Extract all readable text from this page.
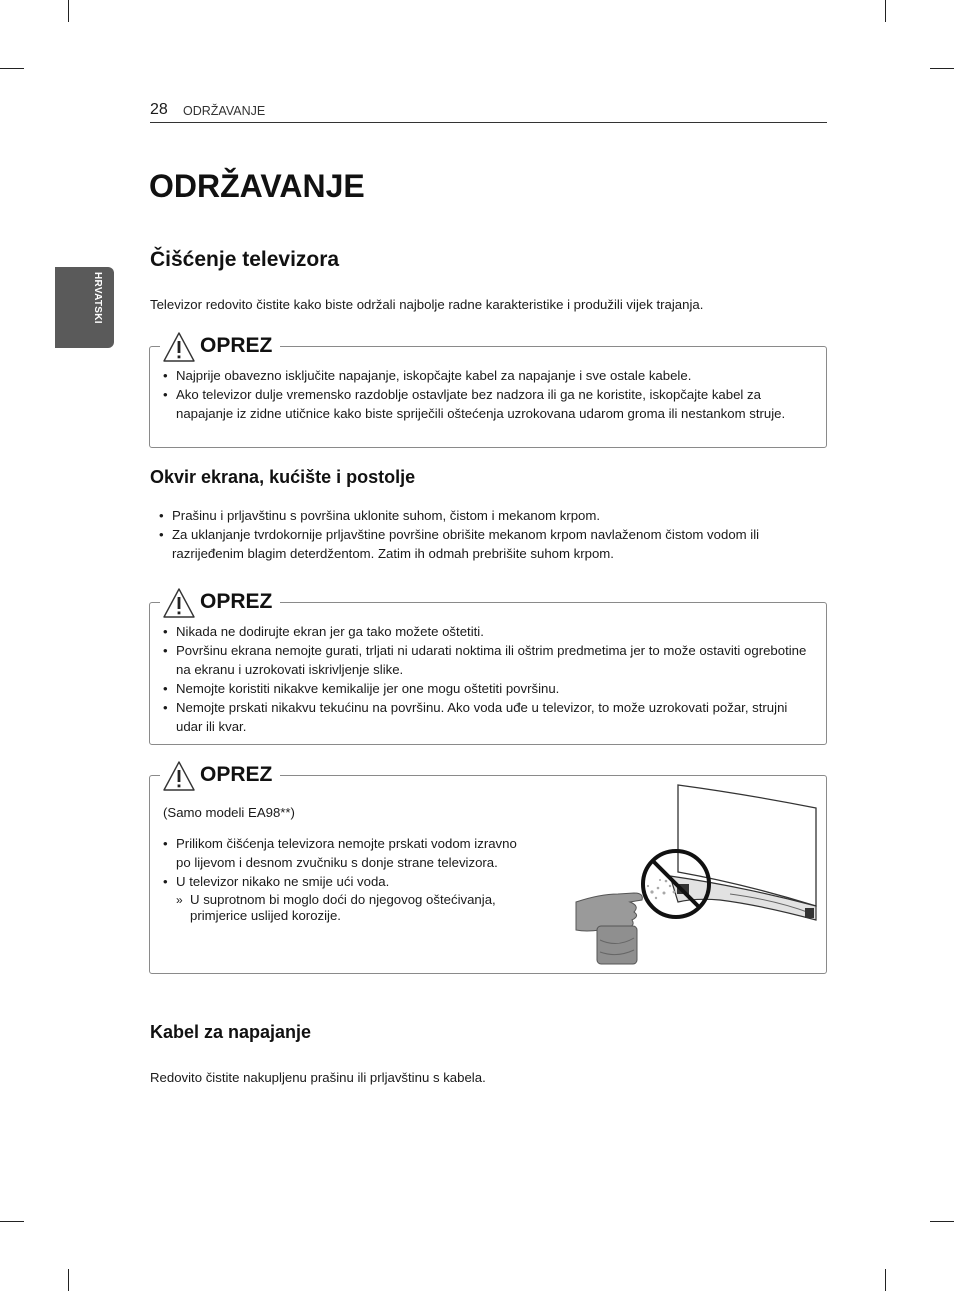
28 ODRŽAVANJE
HRVATSKI
ODRŽAVANJE
Čišćenje televizora

Televizor redovito čistite kako biste održali najbolje radne karakteristike i produžili vijek trajanja.

OPREZ
• Najprije obavezno isključite napajanje, iskopčajte kabel za napajanje i sve ostale kabele.
• Ako televizor dulje vremensko razdoblje ostavljate bez nadzora ili ga ne koristite, iskopčajte kabel za napajanje iz zidne utičnice kako biste spriječili oštećenja uzrokovana udarom groma ili nestankom struje.
Okvir ekrana, kućište i postolje
• Prašinu i prljavštinu s površina uklonite suhom, čistom i mekanom krpom.
• Za uklanjanje tvrdokornije prljavštine površine obrišite mekanom krpom navlaženom čistom vodom ili razrijeđenim blagim deterdžentom. Zatim ih odmah prebrišite suhom krpom.
OPREZ
• Nikada ne dodirujte ekran jer ga tako možete oštetiti.
• Površinu ekrana nemojte gurati, trljati ni udarati noktima ili oštrim predmetima jer to može ostaviti ogrebotine na ekranu i uzrokovati iskrivljenje slike.
• Nemojte koristiti nikakve kemikalije jer one mogu oštetiti površinu.
• Nemojte prskati nikakvu tekućinu na površinu. Ako voda uđe u televizor, to može uzrokovati požar, strujni udar ili kvar.
OPREZ

(Samo modeli EA98**)

• Prilikom čišćenja televizora nemojte prskati vodom izravno po lijevom i desnom zvučniku s donje strane televizora.
• U televizor nikako ne smije ući voda.
» U suprotnom bi moglo doći do njegovog oštećivanja, primjerice uslijed korozije.
Kabel za napajanje

Redovito čistite nakupljenu prašinu ili prljavštinu s kabela.
